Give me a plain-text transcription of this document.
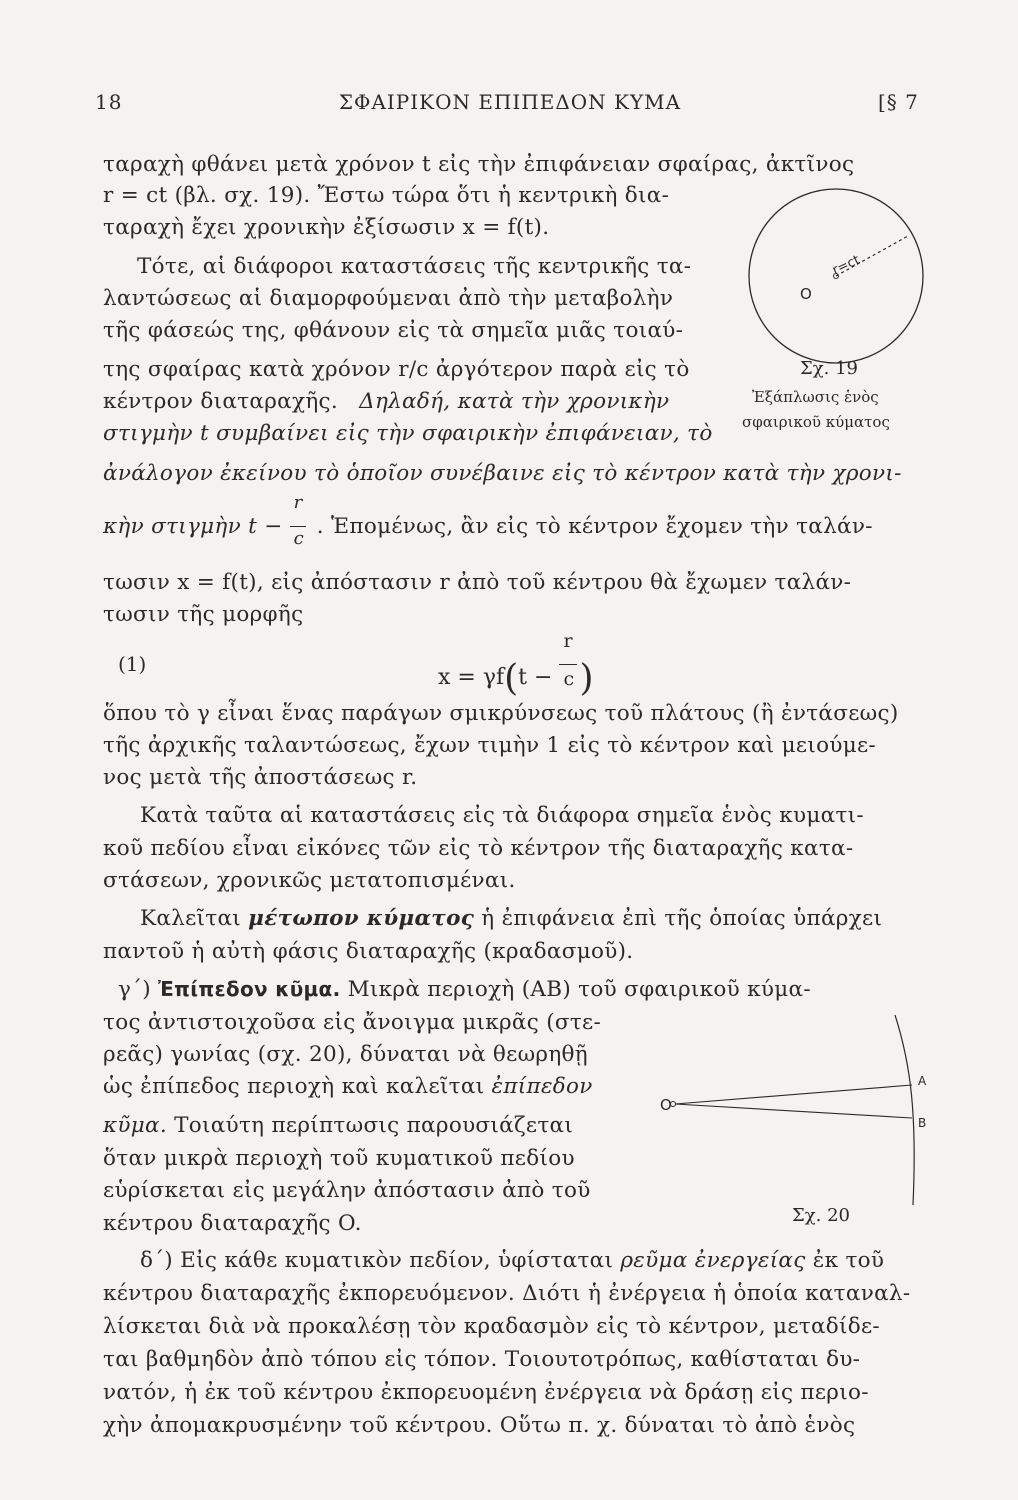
18	ΣΦΑΙΡΙΚΟΝ ΕΠΙΠΕΔΟΝ ΚΥΜΑ	[§ 7
ταραχὴ φθάνει μετὰ χρόνον t εἰς τὴν ἐπιφάνειαν σφαίρας, ἀκτῖνος
r = ct (βλ. σχ. 19). Ἔστω τώρα ὅτι ἡ κεντρικὴ δια-
ταραχὴ ἔχει χρονικὴν ἐξίσωσιν x = f(t).
Τότε, αἱ διάφοροι καταστάσεις τῆς κεντρικῆς τα-
λαντώσεως αἱ διαμορφούμεναι ἀπὸ τὴν μεταβολὴν
τῆς φάσεώς της, φθάνουν εἰς τὰ σημεῖα μιᾶς τοιαύ-
της σφαίρας κατὰ χρόνον r/c ἀργότερον παρὰ εἰς τὸ
κέντρον διαταραχῆς. Δηλαδή, κατὰ τὴν χρονικὴν
στιγμὴν t συμβαίνει εἰς τὴν σφαιρικὴν ἐπιφάνειαν, τὸ
ἀνάλογον ἐκείνου τὸ ὁποῖον συνέβαινε εἰς τὸ κέντρον κατὰ τὴν χρονι-
κὴν στιγμὴν $t - \frac{r}{c}$ . Ἑπομένως, ἂν εἰς τὸ κέντρον ἔχομεν τὴν ταλάν-
τωσιν x = f(t), εἰς ἀπόστασιν r ἀπὸ τοῦ κέντρου θὰ ἔχωμεν ταλάν-
τωσιν τῆς μορφῆς
(1)
x = γf(t −
$\frac{r}{c}$ )
ὅπου τὸ γ εἶναι ἕνας παράγων σμικρύνσεως τοῦ πλάτους (ἢ ἐντάσεως)
τῆς ἀρχικῆς ταλαντώσεως, ἔχων τιμὴν 1 εἰς τὸ κέντρον καὶ μειούμε-
νος μετὰ τῆς ἀποστάσεως r.
Κατὰ ταῦτα αἱ καταστάσεις εἰς τὰ διάφορα σημεῖα ἑνὸς κυματι-
κοῦ πεδίου εἶναι εἰκόνες τῶν εἰς τὸ κέντρον τῆς διαταραχῆς κατα-
στάσεων, χρονικῶς μετατοπισμέναι.
Καλεῖται μέτωπον κύματος ἡ ἐπιφάνεια ἐπὶ τῆς ὁποίας ὑπάρχει
παντοῦ ἡ αὐτὴ φάσις διαταραχῆς (κραδασμοῦ).
γ΄) Ἐπίπεδον κῦμα. Μικρὰ περιοχὴ (ΑΒ) τοῦ σφαιρικοῦ κύμα-
τος ἀντιστοιχοῦσα εἰς ἄνοιγμα μικρᾶς (στε-
ρεᾶς) γωνίας (σχ. 20), δύναται νὰ θεωρηθῇ
ὡς ἐπίπεδος περιοχὴ καὶ καλεῖται ἐπίπεδον
κῦμα. Τοιαύτη περίπτωσις παρουσιάζεται
ὅταν μικρὰ περιοχὴ τοῦ κυματικοῦ πεδίου
εὑρίσκεται εἰς μεγάλην ἀπόστασιν ἀπὸ τοῦ
κέντρου διαταραχῆς O.
δ΄) Εἰς κάθε κυματικὸν πεδίον, ὑφίσταται ρεῦμα ἐνεργείας ἐκ τοῦ
κέντρου διαταραχῆς ἐκπορευόμενον. Διότι ἡ ἐνέργεια ἡ ὁποία καταναλ-
λίσκεται διὰ νὰ προκαλέσῃ τὸν κραδασμὸν εἰς τὸ κέντρον, μεταδίδε-
ται βαθμηδὸν ἀπὸ τόπου εἰς τόπον. Τοιουτοτρόπως, καθίσταται δυ-
νατόν, ἡ ἐκ τοῦ κέντρου ἐκπορευομένη ἐνέργεια νὰ δράσῃ εἰς περιο-
χὴν ἀπομακρυσμένην τοῦ κέντρου. Οὕτω π. χ. δύναται τὸ ἀπὸ ἑνὸς
O
r=ct
Σχ. 19
Ἐξάπλωσις ἑνὸς
σφαιρικοῦ κύματος
O
A
B
Σχ. 20
